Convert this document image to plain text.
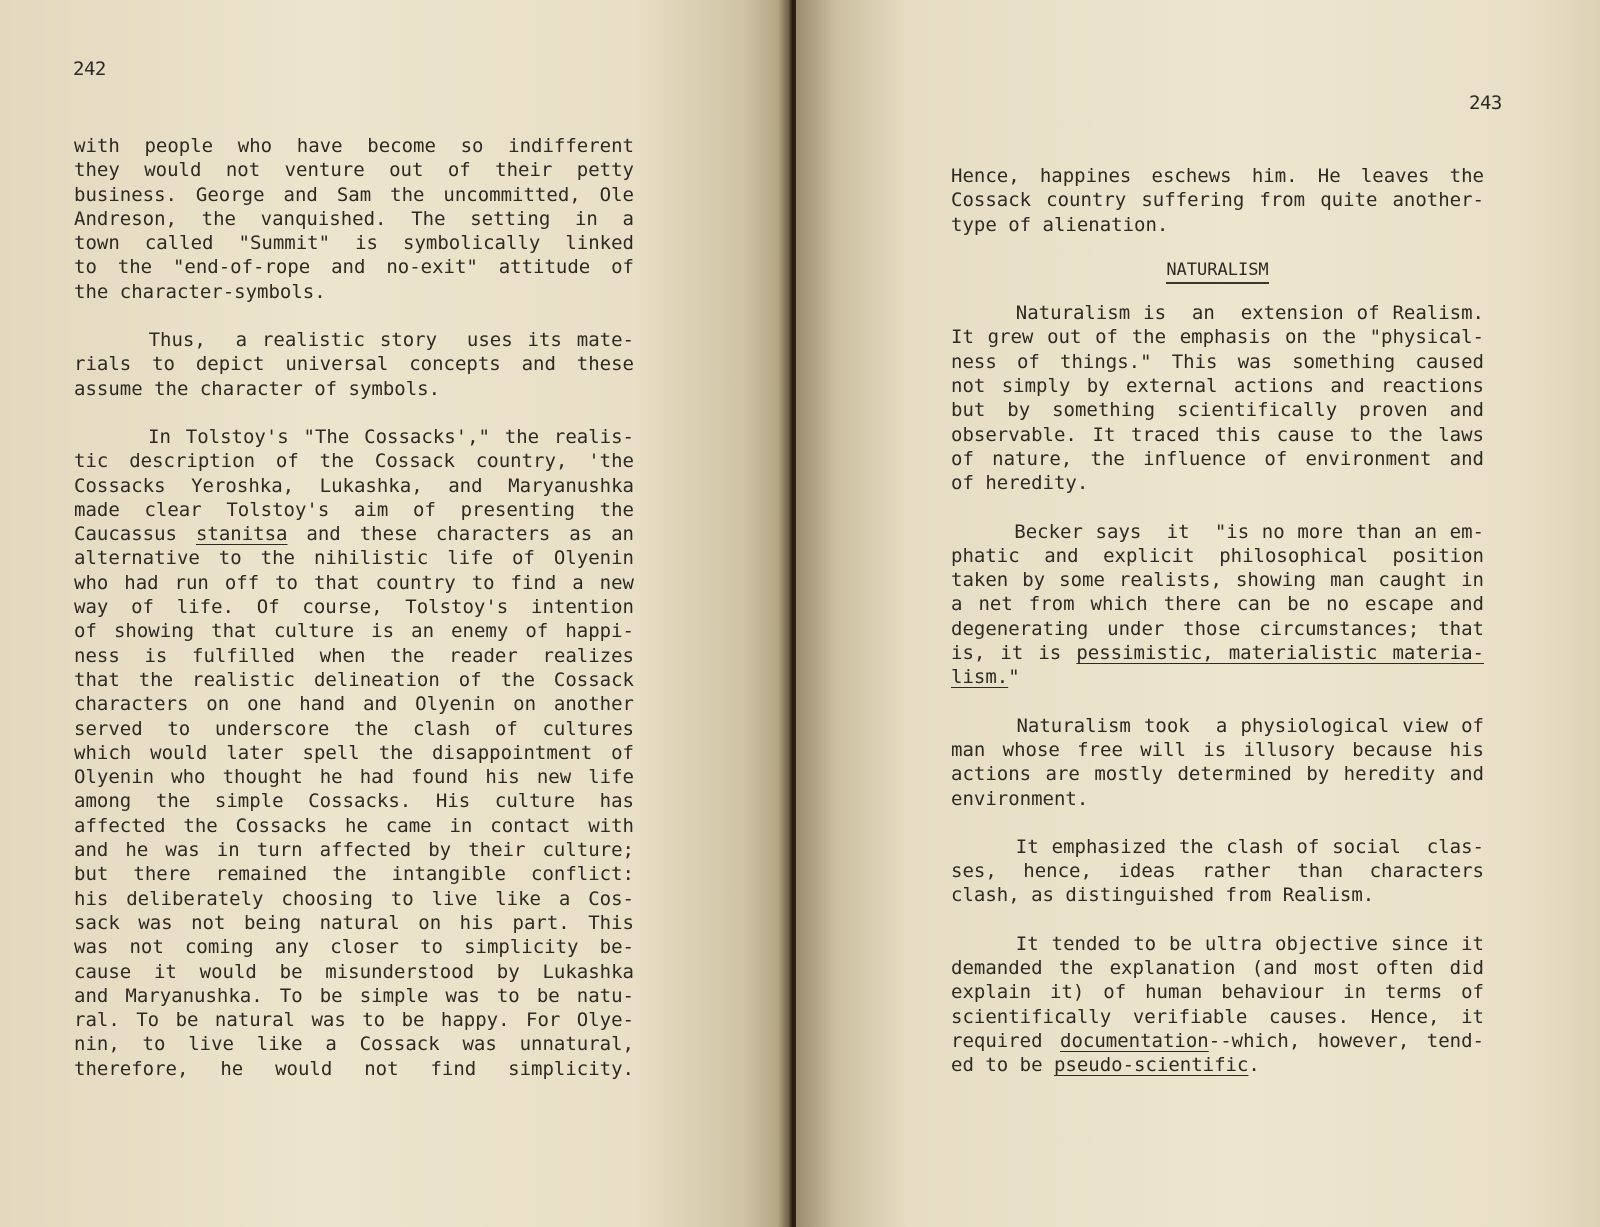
242
with people who have become so indifferent
they would not venture out of their petty
business. George and Sam the uncommitted, Ole
Andreson, the vanquished. The setting in a
town called "Summit" is symbolically linked
to the "end-of-rope and no-exit" attitude of
the character-symbols.
Thus,  a realistic story  uses its mate-
rials to depict universal concepts and these
assume the character of symbols.
In Tolstoy's "The Cossacks'," the realis-
tic description of the Cossack country, 'the
Cossacks Yeroshka, Lukashka, and Maryanushka
made clear Tolstoy's aim of presenting the
Caucassus stanitsa and these characters as an
alternative to the nihilistic life of Olyenin
who had run off to that country to find a new
way of life. Of course, Tolstoy's intention
of showing that culture is an enemy of happi-
ness is fulfilled when the reader realizes
that the realistic delineation of the Cossack
characters on one hand and Olyenin on another
served to underscore the clash of cultures
which would later spell the disappointment of
Olyenin who thought he had found his new life
among the simple Cossacks. His culture has
affected the Cossacks he came in contact with
and he was in turn affected by their culture;
but there remained the intangible conflict:
his deliberately choosing to live like a Cos-
sack was not being natural on his part. This
was not coming any closer to simplicity be-
cause it would be misunderstood by Lukashka
and Maryanushka. To be simple was to be natu-
ral. To be natural was to be happy. For Olye-
nin, to live like a Cossack was unnatural,
therefore, he would not find simplicity.
243
Hence, happines eschews him. He leaves the
Cossack country suffering from quite another-
type of alienation.
NATURALISM
Naturalism is  an  extension of Realism.
It grew out of the emphasis on the "physical-
ness of things." This was something caused
not simply by external actions and reactions
but by something scientifically proven and
observable. It traced this cause to the laws
of nature, the influence of environment and
of heredity.
Becker says  it  "is no more than an em-
phatic and explicit philosophical position
taken by some realists, showing man caught in
a net from which there can be no escape and
degenerating under those circumstances; that
is, it is pessimistic, materialistic materia-
lism."
Naturalism took  a physiological view of
man whose free will is illusory because his
actions are mostly determined by heredity and
environment.
It emphasized the clash of social  clas-
ses, hence, ideas rather than characters
clash, as distinguished from Realism.
It tended to be ultra objective since it
demanded the explanation (and most often did
explain it) of human behaviour in terms of
scientifically verifiable causes. Hence, it
required documentation--which, however, tend-
ed to be pseudo-scientific.
